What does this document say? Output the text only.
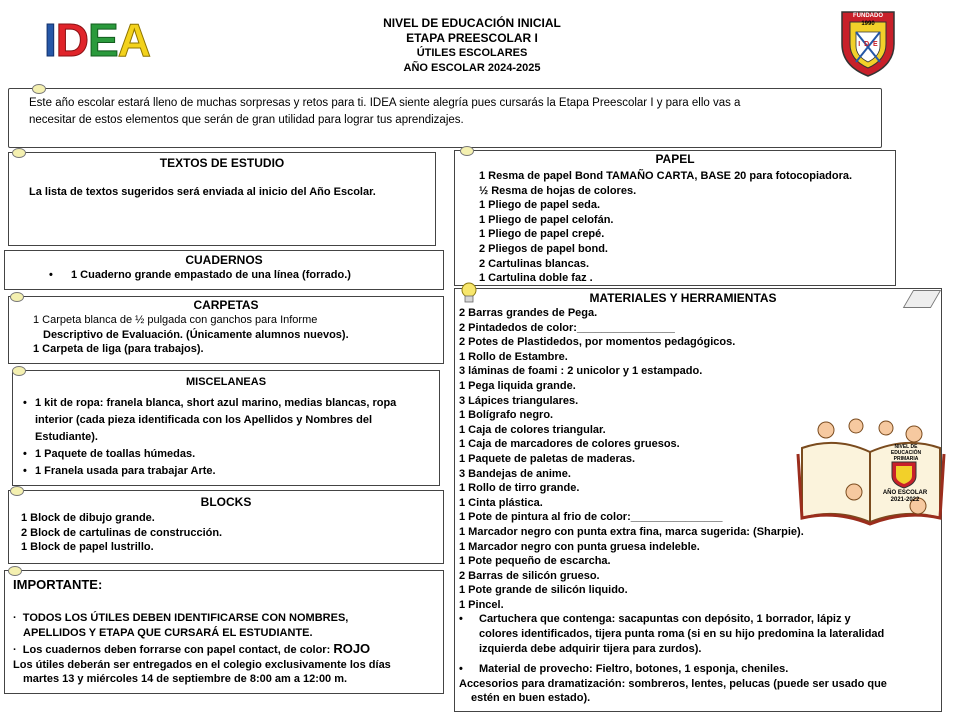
IDEA	NIVEL DE EDUCACIÓN INICIAL
ETAPA PREESCOLAR I
ÚTILES ESCOLARES
AÑO ESCOLAR 2024-2025
FUNDADO
1990
I  D  E
Este año escolar estará lleno de muchas sorpresas y retos para ti. IDEA siente alegría pues cursarás la Etapa Preescolar I y para ello vas a
necesitar de estos elementos que serán de gran utilidad para lograr tus aprendizajes.
TEXTOS DE ESTUDIO
La lista de textos sugeridos será enviada al inicio del Año Escolar.
CUADERNOS
• 1 Cuaderno grande empastado de una línea (forrado.)
CARPETAS
1 Carpeta blanca de ½ pulgada con ganchos para Informe
Descriptivo de Evaluación. (Únicamente alumnos nuevos).
1 Carpeta de liga (para trabajos).
MISCELANEAS
• 1 kit de ropa: franela blanca, short azul marino, medias blancas, ropa
interior (cada pieza identificada con los Apellidos y Nombres del
Estudiante).
• 1 Paquete de toallas húmedas.
• 1 Franela usada para trabajar Arte.
BLOCKS
1 Block de dibujo grande.
2 Block de cartulinas de construcción.
1 Block de papel lustrillo.
IMPORTANTE:
· TODOS LOS ÚTILES DEBEN IDENTIFICARSE CON NOMBRES,
APELLIDOS Y ETAPA QUE CURSARÁ EL ESTUDIANTE.
· Los cuadernos deben forrarse con papel contact, de color: ROJO
Los útiles deberán ser entregados en el colegio exclusivamente los días
martes 13 y miércoles 14 de septiembre de 8:00 am a 12:00 m.
PAPEL
1 Resma de papel Bond TAMAÑO CARTA, BASE 20 para fotocopiadora.
½ Resma de hojas de colores.
1 Pliego de papel seda.
1 Pliego de papel celofán.
1 Pliego de papel crepé.
2 Pliegos de papel bond.
2 Cartulinas blancas.
1 Cartulina doble faz .
MATERIALES Y HERRAMIENTAS
2 Barras grandes de Pega.
2 Pintadedos de color:________________
2 Potes de Plastidedos, por momentos pedagógicos.
1 Rollo de Estambre.
3 láminas de foami : 2 unicolor y 1 estampado.
1 Pega liquida grande.
3 Lápices triangulares.
1 Bolígrafo negro.
1 Caja de colores triangular.
1 Caja de marcadores de colores gruesos.
1 Paquete de paletas de maderas.
3 Bandejas de anime.
1 Rollo de tirro grande.
1 Cinta plástica.
1 Pote de pintura al frio de color:_______________
1 Marcador negro con punta extra fina, marca sugerida: (Sharpie).
1 Marcador negro con punta gruesa indeleble.
1 Pote pequeño de escarcha.
2 Barras de silicón grueso.
1 Pote grande de silicón liquido.
1 Pincel.
• Cartuchera que contenga: sacapuntas con depósito, 1 borrador, lápiz y
colores identificados, tijera punta roma (si en su hijo predomina la lateralidad
izquierda debe adquirir tijera para zurdos).
• Material de provecho: Fieltro, botones, 1 esponja, cheniles.
Accesorios para dramatización: sombreros, lentes, pelucas (puede ser usado que
estén en buen estado).
NIVEL DE
EDUCACIÓN
PRIMARIA
AÑO ESCOLAR
2021-2022
